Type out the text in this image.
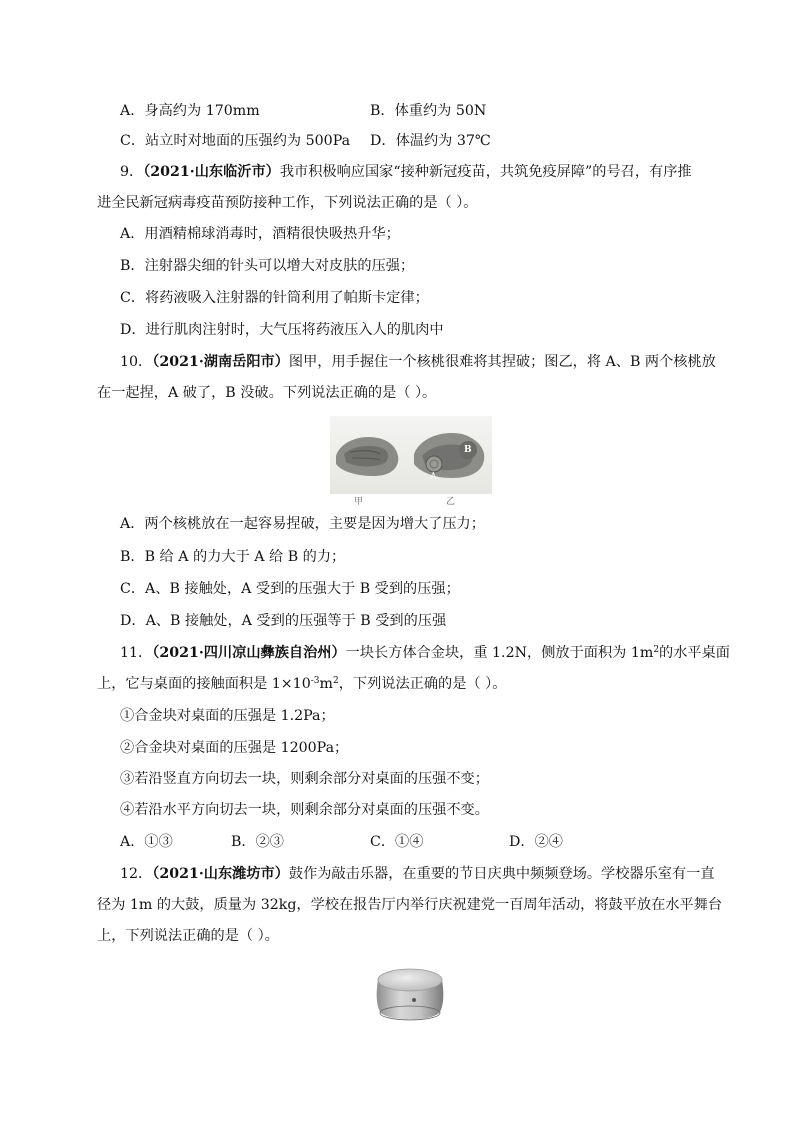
A．身高约为 170mm	B．体重约为 50N
C．站立时对地面的压强约为 500Pa D．体温约为 37℃
9．（2021·山东临沂市）我市积极响应国家“接种新冠疫苗，共筑免疫屏障”的号召，有序推
进全民新冠病毒疫苗预防接种工作，下列说法正确的是（ ）。
A．用酒精棉球消毒时，酒精很快吸热升华；
B．注射器尖细的针头可以增大对皮肤的压强；
C．将药液吸入注射器的针筒利用了帕斯卡定律；
D．进行肌肉注射时，大气压将药液压入人的肌肉中
10．（2021·湖南岳阳市）图甲，用手握住一个核桃很难将其捏破；图乙，将 A、B 两个核桃放
在一起捏，A 破了，B 没破。下列说法正确的是（ ）。
B
A
甲	乙
A．两个核桃放在一起容易捏破，主要是因为增大了压力；
B．B 给 A 的力大于 A 给 B 的力；
C．A、B 接触处，A 受到的压强大于 B 受到的压强；
D．A、B 接触处，A 受到的压强等于 B 受到的压强
11．（2021·四川凉山彝族自治州）一块长方体合金块，重 1.2N，侧放于面积为 $1m^2$的水平桌面
上，它与桌面的接触面积是 $1\times 10^{-3}m^2$，下列说法正确的是（ ）。
①合金块对桌面的压强是 1.2Pa；
②合金块对桌面的压强是 1200Pa；
③若沿竖直方向切去一块，则剩余部分对桌面的压强不变；
④若沿水平方向切去一块，则剩余部分对桌面的压强不变。
A．①③	B．②③	C．①④	D．②④
12．（2021·山东潍坊市）鼓作为敲击乐器，在重要的节日庆典中频频登场。学校器乐室有一直
径为 1m 的大鼓，质量为 32kg，学校在报告厅内举行庆祝建党一百周年活动，将鼓平放在水平舞台
上，下列说法正确的是（ ）。
